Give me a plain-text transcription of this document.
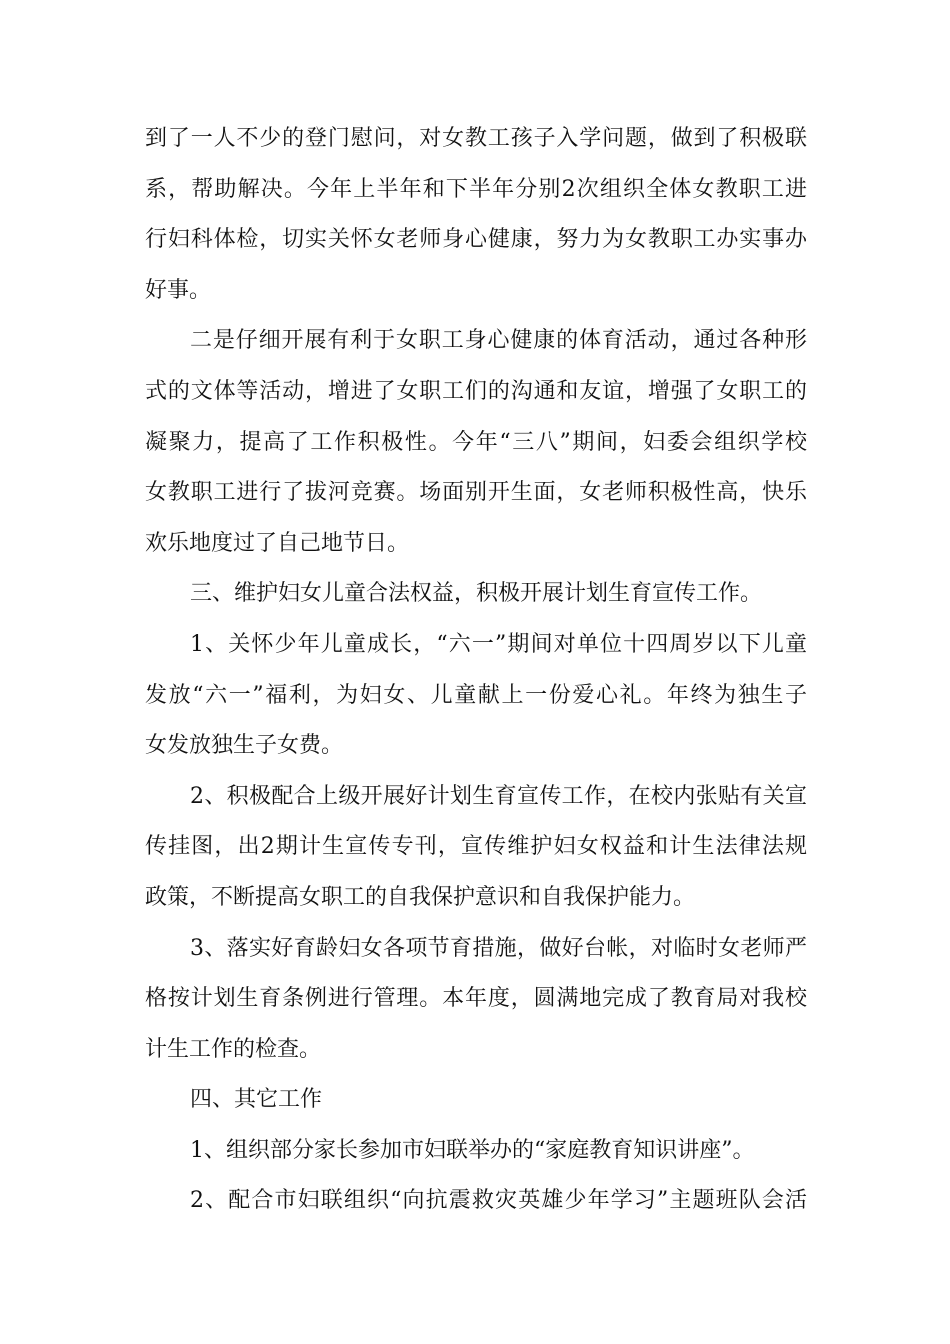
到了一人不少的登门慰问，对女教工孩子入学问题，做到了积极联
系，帮助解决。今年上半年和下半年分别2次组织全体女教职工进
行妇科体检，切实关怀女老师身心健康，努力为女教职工办实事办
好事。
二是仔细开展有利于女职工身心健康的体育活动，通过各种形
式的文体等活动，增进了女职工们的沟通和友谊，增强了女职工的
凝聚力，提高了工作积极性。今年“三八”期间，妇委会组织学校
女教职工进行了拔河竞赛。场面别开生面，女老师积极性高，快乐
欢乐地度过了自己地节日。
三、维护妇女儿童合法权益，积极开展计划生育宣传工作。
1、关怀少年儿童成长，“六一”期间对单位十四周岁以下儿童
发放“六一”福利，为妇女、儿童献上一份爱心礼。年终为独生子
女发放独生子女费。
2、积极配合上级开展好计划生育宣传工作，在校内张贴有关宣
传挂图，出2期计生宣传专刊，宣传维护妇女权益和计生法律法规
政策，不断提高女职工的自我保护意识和自我保护能力。
3、落实好育龄妇女各项节育措施，做好台帐，对临时女老师严
格按计划生育条例进行管理。本年度，圆满地完成了教育局对我校
计生工作的检查。
四、其它工作
1、组织部分家长参加市妇联举办的“家庭教育知识讲座”。
2、配合市妇联组织“向抗震救灾英雄少年学习”主题班队会活
